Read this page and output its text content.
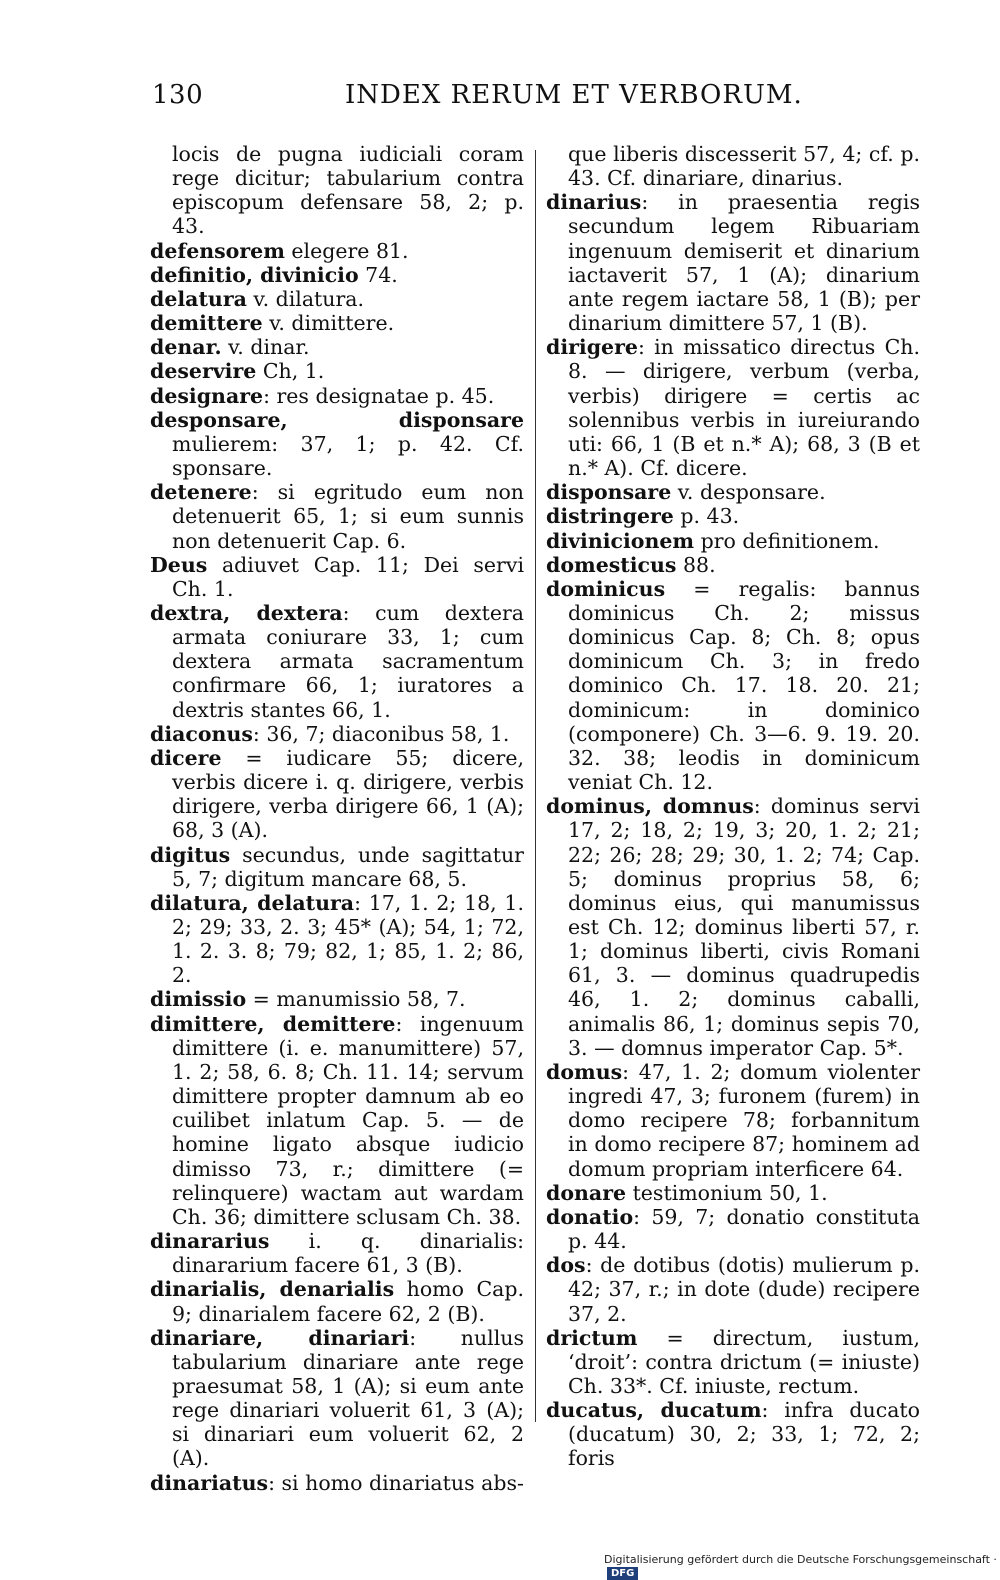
130	INDEX RERUM ET VERBORUM.

locis de pugna iudiciali coram rege dicitur; tabularium contra episcopum defensare 58, 2; p. 43.

defensorem elegere 81.

definitio, divinicio 74.

delatura v. dilatura.

demittere v. dimittere.

denar. v. dinar.

deservire Ch, 1.

designare: res designatae p. 45.

desponsare, disponsare mulierem: 37, 1; p. 42. Cf. sponsare.

detenere: si egritudo eum non detenuerit 65, 1; si eum sunnis non detenuerit Cap. 6.

Deus adiuvet Cap. 11; Dei servi Ch. 1.

dextra, dextera: cum dextera armata coniurare 33, 1; cum dextera armata sacramentum confirmare 66, 1; iuratores a dextris stantes 66, 1.

diaconus: 36, 7; diaconibus 58, 1.

dicere = iudicare 55; dicere, verbis dicere i. q. dirigere, verbis dirigere, verba dirigere 66, 1 (A); 68, 3 (A).

digitus secundus, unde sagittatur 5, 7; digitum mancare 68, 5.

dilatura, delatura: 17, 1. 2; 18, 1. 2; 29; 33, 2. 3; 45* (A); 54, 1; 72, 1. 2. 3. 8; 79; 82, 1; 85, 1. 2; 86, 2.

dimissio = manumissio 58, 7.

dimittere, demittere: ingenuum dimittere (i. e. manumittere) 57, 1. 2; 58, 6. 8; Ch. 11. 14; servum dimittere propter damnum ab eo cuilibet inlatum Cap. 5. — de homine ligato absque iudicio dimisso 73, r.; dimittere (= relinquere) wactam aut wardam Ch. 36; dimittere sclusam Ch. 38.

dinararius i. q. dinarialis: dinararium facere 61, 3 (B).

dinarialis, denarialis homo Cap. 9; dinarialem facere 62, 2 (B).

dinariare, dinariari: nullus tabularium dinariare ante rege praesumat 58, 1 (A); si eum ante rege dinariari voluerit 61, 3 (A); si dinariari eum voluerit 62, 2 (A).

dinariatus: si homo dinariatus abs-

que liberis discesserit 57, 4; cf. p. 43. Cf. dinariare, dinarius.

dinarius: in praesentia regis secundum legem Ribuariam ingenuum demiserit et dinarium iactaverit 57, 1 (A); dinarium ante regem iactare 58, 1 (B); per dinarium dimittere 57, 1 (B).

dirigere: in missatico directus Ch. 8. — dirigere, verbum (verba, verbis) dirigere = certis ac solennibus verbis in iureiurando uti: 66, 1 (B et n.* A); 68, 3 (B et n.* A). Cf. dicere.

disponsare v. desponsare.

distringere p. 43.

divinicionem pro definitionem.

domesticus 88.

dominicus = regalis: bannus dominicus Ch. 2; missus dominicus Cap. 8; Ch. 8; opus dominicum Ch. 3; in fredo dominico Ch. 17. 18. 20. 21; dominicum: in dominico (componere) Ch. 3—6. 9. 19. 20. 32. 38; leodis in dominicum veniat Ch. 12.

dominus, domnus: dominus servi 17, 2; 18, 2; 19, 3; 20, 1. 2; 21; 22; 26; 28; 29; 30, 1. 2; 74; Cap. 5; dominus proprius 58, 6; dominus eius, qui manumissus est Ch. 12; dominus liberti 57, r. 1; dominus liberti, civis Romani 61, 3. — dominus quadrupedis 46, 1. 2; dominus caballi, animalis 86, 1; dominus sepis 70, 3. — domnus imperator Cap. 5*.

domus: 47, 1. 2; domum violenter ingredi 47, 3; furonem (furem) in domo recipere 78; forbannitum in domo recipere 87; hominem ad domum propriam interficere 64.

donare testimonium 50, 1.

donatio: 59, 7; donatio constituta p. 44.

dos: de dotibus (dotis) mulierum p. 42; 37, r.; in dote (dude) recipere 37, 2.

drictum = directum, iustum, ‘droit’: contra drictum (= iniuste) Ch. 33*. Cf. iniuste, rectum.

ducatus, ducatum: infra ducato (ducatum) 30, 2; 33, 1; 72, 2; foris

Digitalisierung gefördert durch die Deutsche Forschungsgemeinschaft · DFG
